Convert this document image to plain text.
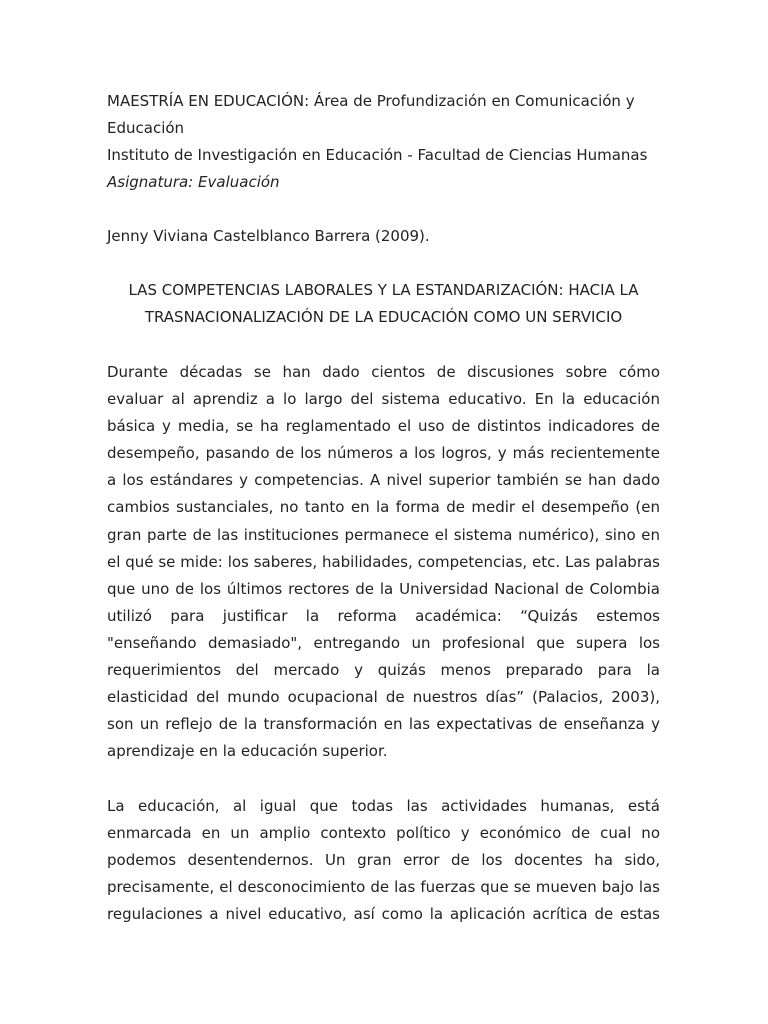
MAESTRÍA EN EDUCACIÓN: Área de Profundización en Comunicación y
Educación
Instituto de Investigación en Educación - Facultad de Ciencias Humanas
Asignatura: Evaluación
Jenny Viviana Castelblanco Barrera (2009).
LAS COMPETENCIAS LABORALES Y LA ESTANDARIZACIÓN: HACIA LA
TRASNACIONALIZACIÓN DE LA EDUCACIÓN COMO UN SERVICIO
Durante décadas se han dado cientos de discusiones sobre cómo
evaluar al aprendiz a lo largo del sistema educativo. En la educación
básica y media, se ha reglamentado el uso de distintos indicadores de
desempeño, pasando de los números a los logros, y más recientemente
a los estándares y competencias. A nivel superior también se han dado
cambios sustanciales, no tanto en la forma de medir el desempeño (en
gran parte de las instituciones permanece el sistema numérico), sino en
el qué se mide: los saberes, habilidades, competencias, etc. Las palabras
que uno de los últimos rectores de la Universidad Nacional de Colombia
utilizó para justificar la reforma académica: “Quizás estemos
"enseñando demasiado", entregando un profesional que supera los
requerimientos del mercado y quizás menos preparado para la
elasticidad del mundo ocupacional de nuestros días” (Palacios, 2003),
son un reflejo de la transformación en las expectativas de enseñanza y
aprendizaje en la educación superior.
La educación, al igual que todas las actividades humanas, está
enmarcada en un amplio contexto político y económico de cual no
podemos desentendernos. Un gran error de los docentes ha sido,
precisamente, el desconocimiento de las fuerzas que se mueven bajo las
regulaciones a nivel educativo, así como la aplicación acrítica de estas
